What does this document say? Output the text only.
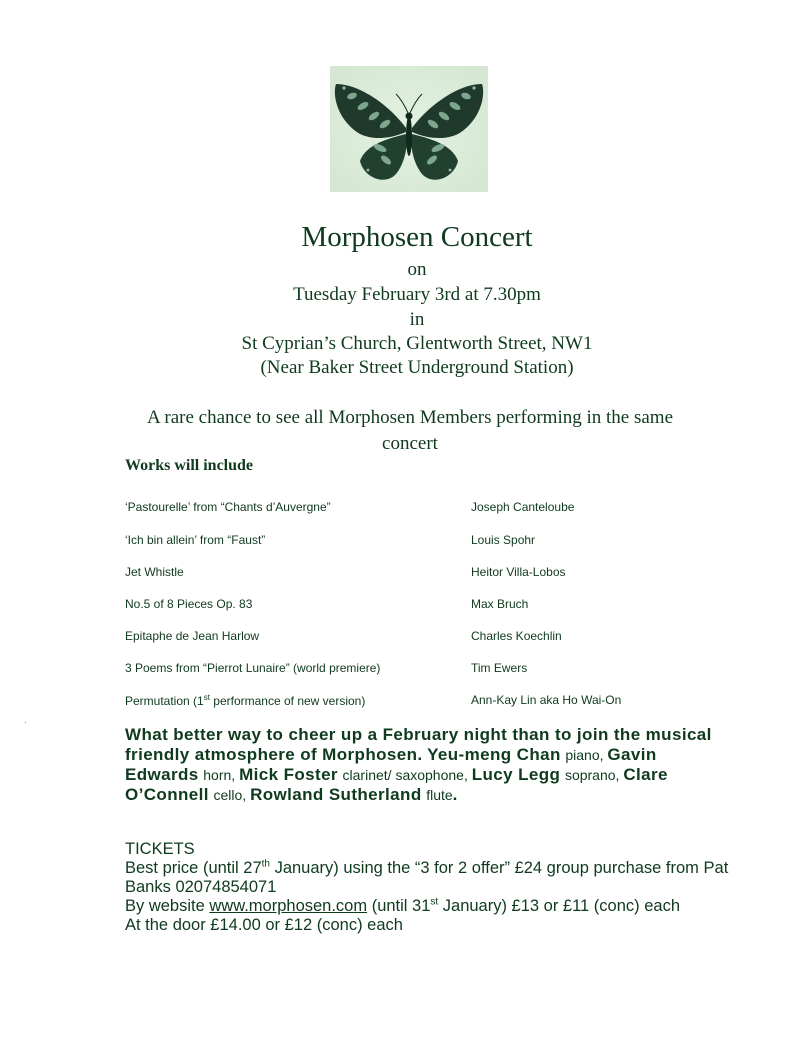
Morphosen Concert
on
Tuesday February 3rd at 7.30pm
in
St Cyprian’s Church, Glentworth Street, NW1
(Near Baker Street Underground Station)
A rare chance to see all Morphosen Members performing in the same concert
Works will include
‘Pastourelle’ from “Chants d’Auvergne”	Joseph Canteloube
‘Ich bin allein’ from “Faust”	Louis Spohr
Jet Whistle	Heitor Villa-Lobos
No.5 of 8 Pieces Op. 83	Max Bruch
Epitaphe de Jean Harlow	Charles Koechlin
3 Poems from “Pierrot Lunaire” (world premiere)	Tim Ewers
Permutation (1st performance of new version)	Ann-Kay Lin aka Ho Wai-On
What better way to cheer up a February night than to join the musical friendly atmosphere of Morphosen. Yeu-meng Chan piano, Gavin Edwards horn, Mick Foster clarinet/ saxophone, Lucy Legg soprano, Clare O’Connell cello, Rowland Sutherland flute.
TICKETS
Best price (until 27th January) using the “3 for 2 offer” £24 group purchase from Pat Banks 02074854071
By website www.morphosen.com (until 31st January) £13 or £11 (conc) each
At the door £14.00 or £12 (conc) each
